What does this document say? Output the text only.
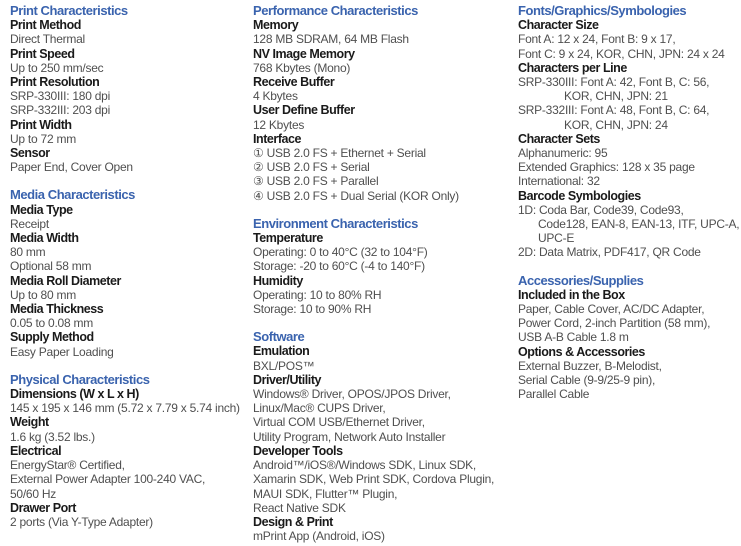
Print Characteristics
Print Method
Direct Thermal
Print Speed
Up to 250 mm/sec
Print Resolution
SRP-330III: 180 dpi
SRP-332III: 203 dpi
Print Width
Up to 72 mm
Sensor
Paper End, Cover Open
Media Characteristics
Media Type
Receipt
Media Width
80 mm
Optional 58 mm
Media Roll Diameter
Up to 80 mm
Media Thickness
0.05 to 0.08 mm
Supply Method
Easy Paper Loading
Physical Characteristics
Dimensions (W x L x H)
145 x 195 x 146 mm (5.72 x 7.79 x 5.74 inch)
Weight
1.6 kg (3.52 lbs.)
Electrical
EnergyStar® Certified,
External Power Adapter 100-240 VAC,
50/60 Hz
Drawer Port
2 ports (Via Y-Type Adapter)
Performance Characteristics
Memory
128 MB SDRAM, 64 MB Flash
NV Image Memory
768 Kbytes (Mono)
Receive Buffer
4 Kbytes
User Define Buffer
12 Kbytes
Interface
① USB 2.0 FS + Ethernet + Serial
② USB 2.0 FS + Serial
③ USB 2.0 FS + Parallel
④ USB 2.0 FS + Dual Serial (KOR Only)
Environment Characteristics
Temperature
Operating: 0 to 40°C (32 to 104°F)
Storage: -20 to 60°C (-4 to 140°F)
Humidity
Operating: 10 to 80% RH
Storage: 10 to 90% RH
Software
Emulation
BXL/POS™
Driver/Utility
Windows® Driver, OPOS/JPOS Driver,
Linux/Mac® CUPS Driver,
Virtual COM USB/Ethernet Driver,
Utility Program, Network Auto Installer
Developer Tools
Android™/iOS®/Windows SDK, Linux SDK,
Xamarin SDK, Web Print SDK, Cordova Plugin,
MAUI SDK, Flutter™ Plugin,
React Native SDK
Design & Print
mPrint App (Android, iOS)
Fonts/Graphics/Symbologies
Character Size
Font A: 12 x 24, Font B: 9 x 17,
Font C: 9 x 24, KOR, CHN, JPN: 24 x 24
Characters per Line
SRP-330III: Font A: 42, Font B, C: 56,
KOR, CHN, JPN: 21
SRP-332III: Font A: 48, Font B, C: 64,
KOR, CHN, JPN: 24
Character Sets
Alphanumeric: 95
Extended Graphics: 128 x 35 page
International: 32
Barcode Symbologies
1D: Coda Bar, Code39, Code93,
Code128, EAN-8, EAN-13, ITF, UPC-A,
UPC-E
2D: Data Matrix, PDF417, QR Code
Accessories/Supplies
Included in the Box
Paper, Cable Cover, AC/DC Adapter,
Power Cord, 2-inch Partition (58 mm),
USB A-B Cable 1.8 m
Options & Accessories
External Buzzer, B-Melodist,
Serial Cable (9-9/25-9 pin),
Parallel Cable
